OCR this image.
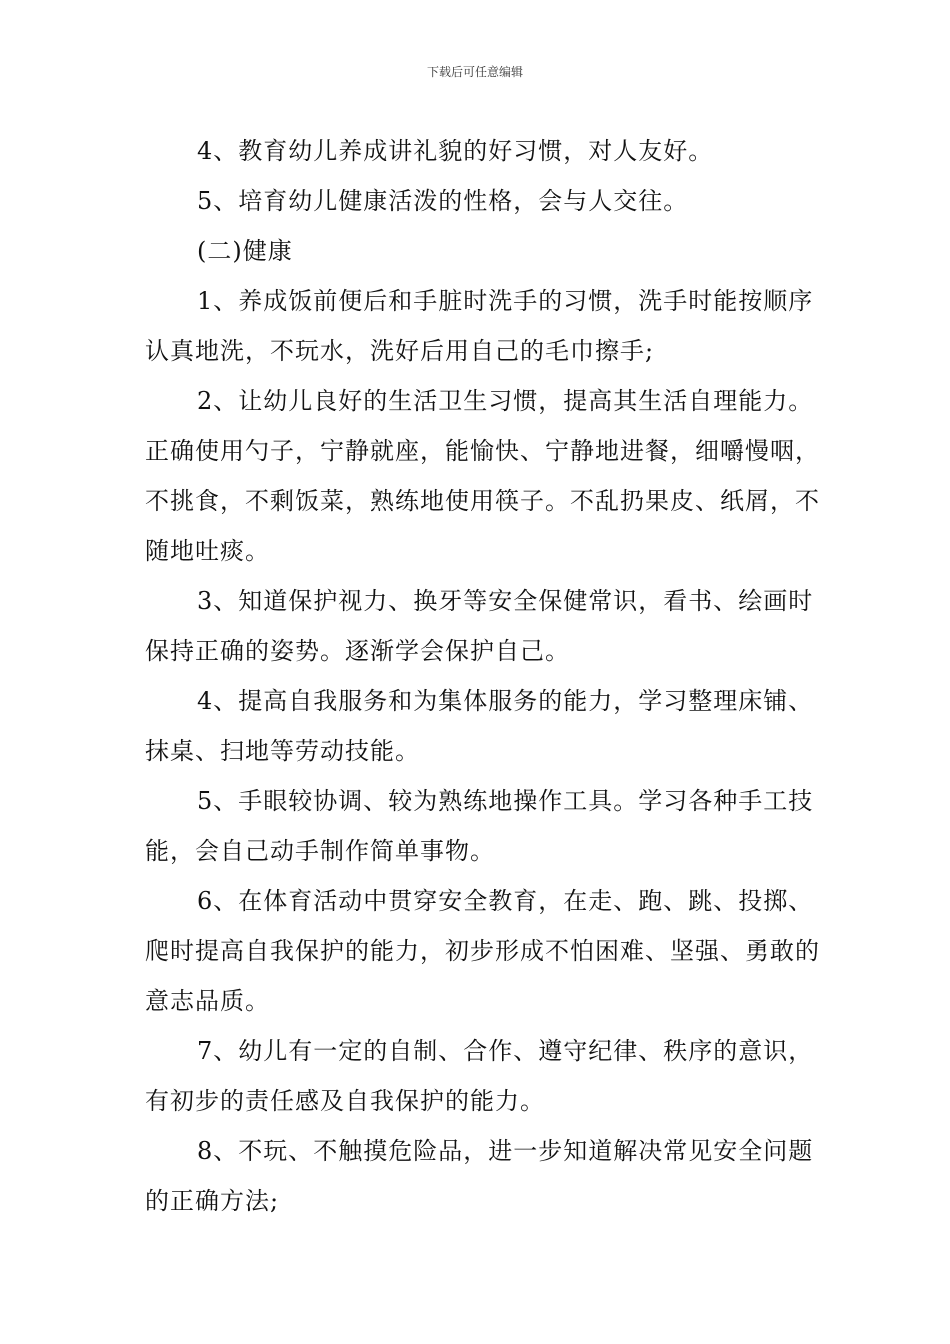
下载后可任意编辑

4、教育幼儿养成讲礼貌的好习惯，对人友好。

5、培育幼儿健康活泼的性格，会与人交往。

(二)健康

1、养成饭前便后和手脏时洗手的习惯，洗手时能按顺序认真地洗，不玩水，洗好后用自己的毛巾擦手;

2、让幼儿良好的生活卫生习惯，提高其生活自理能力。正确使用勺子，宁静就座，能愉快、宁静地进餐，细嚼慢咽，不挑食，不剩饭菜，熟练地使用筷子。不乱扔果皮、纸屑，不随地吐痰。

3、知道保护视力、换牙等安全保健常识，看书、绘画时保持正确的姿势。逐渐学会保护自己。

4、提高自我服务和为集体服务的能力，学习整理床铺、抹桌、扫地等劳动技能。

5、手眼较协调、较为熟练地操作工具。学习各种手工技能，会自己动手制作简单事物。

6、在体育活动中贯穿安全教育，在走、跑、跳、投掷、爬时提高自我保护的能力，初步形成不怕困难、坚强、勇敢的意志品质。

7、幼儿有一定的自制、合作、遵守纪律、秩序的意识，有初步的责任感及自我保护的能力。

8、不玩、不触摸危险品，进一步知道解决常见安全问题的正确方法;
